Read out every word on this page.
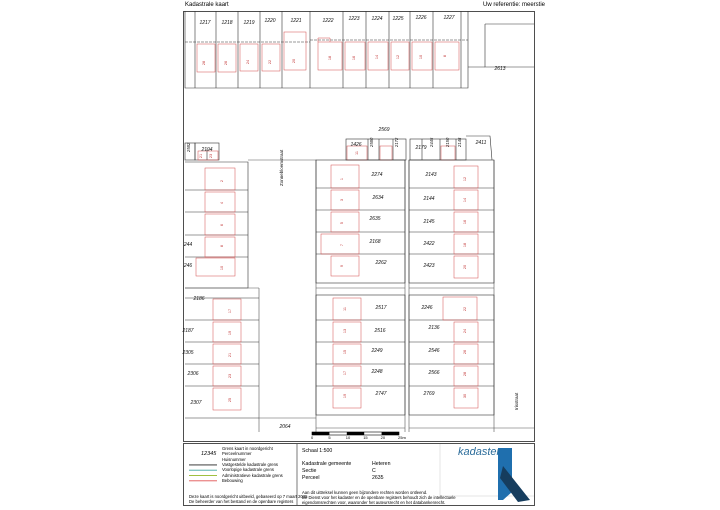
Kadastrale kaart	Uw referentie: meerstie
0	5	10	15	20	25m
1217 1218 1219 1220	1221	1222	1223 1224 1225 1226	1227
2613
2569
1426	2411
2194	2179
2274	2143
2634	2144
2635	2145
2168	2422
244
2262	2423
246
2186
2517	2246
2187	2516	2136
2305	2249	2546
2306	2248	2566
2307
2747	2769
2064
28	26	24	22	20
18	16	14	12	10	8
21 23
11
2
4
6
8
10
1
3
5
7
9
12
14
16
18
20
17
19
21
23
25
11
13
15
17
19
22
24
26
28
30
2582
2580	2172	2445	2150 2148
Zonnebloemstraat
Irisstraat
12345
Grens kaart in noordgericht
Perceelnummer
Huisnummer
Vastgestelde kadastrale grens
Voorlopige kadastrale grens
Administratieve kadastrale grens
Bebouwing
Deze kaart is noordgericht uitbeeld, gebaseerd op 7 maart 2025
De beheerder van het bestand en de openbare registers
Schaal 1:500
Kadastrale gemeente	Heteren
Sectie	C
Perceel	2635
Aan dit uittreksel kunnen geen bijzondere rechten worden ontleend.
De Dienst voor het kadaster en de openbare registers behoudt zich de intellectuele
eigendomsrechten voor, waaronder het auteursrecht en het databankenrecht.
kadaster
